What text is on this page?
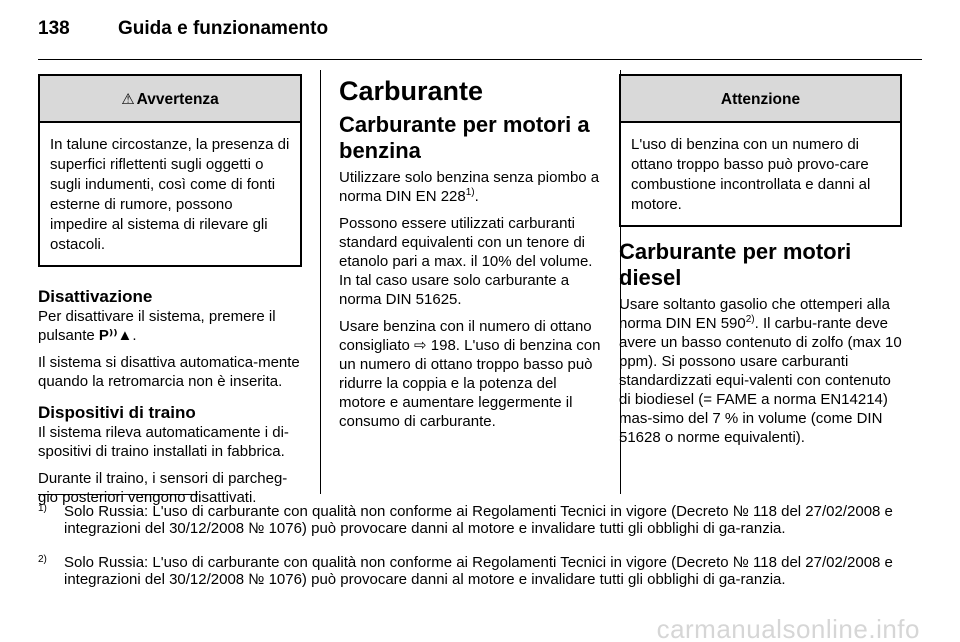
138	Guida e funzionamento
⚠ Avvertenza
In talune circostanze, la presenza di superfici riflettenti sugli oggetti o sugli indumenti, così come di fonti esterne di rumore, possono impedire al sistema di rilevare gli ostacoli.
Disattivazione

Per disattivare il sistema, premere il pulsante P⁾⁾▲.

Il sistema si disattiva automatica-mente quando la retromarcia non è inserita.

Dispositivi di traino

Il sistema rileva automaticamente i di-spositivi di traino installati in fabbrica.

Durante il traino, i sensori di parcheg-gio posteriori vengono disattivati.

Carburante
Carburante per motori a benzina

Utilizzare solo benzina senza piombo a norma DIN EN 228$^{1)}$.

Possono essere utilizzati carburanti standard equivalenti con un tenore di etanolo pari a max. il 10% del volume. In tal caso usare solo carburante a norma DIN 51625.

Usare benzina con il numero di ottano consigliato ⇨ 198. L'uso di benzina con un numero di ottano troppo basso può ridurre la coppia e la potenza del motore e aumentare leggermente il consumo di carburante.

Attenzione
L'uso di benzina con un numero di ottano troppo basso può provo-care combustione incontrollata e danni al motore.
Carburante per motori diesel

Usare soltanto gasolio che ottemperi alla norma DIN EN 590$^{2)}$. Il carbu-rante deve avere un basso contenuto di zolfo (max 10 ppm). Si possono usare carburanti standardizzati equi-valenti con contenuto di biodiesel (= FAME a norma EN14214) mas-simo del 7 % in volume (come DIN 51628 o norme equivalenti).

1)	Solo Russia: L'uso di carburante con qualità non conforme ai Regolamenti Tecnici in vigore (Decreto № 118 del 27/02/2008 e integrazioni del 30/12/2008 № 1076) può provocare danni al motore e invalidare tutti gli obblighi di ga-ranzia.
2)	Solo Russia: L'uso di carburante con qualità non conforme ai Regolamenti Tecnici in vigore (Decreto № 118 del 27/02/2008 e integrazioni del 30/12/2008 № 1076) può provocare danni al motore e invalidare tutti gli obblighi di ga-ranzia.
carmanualsonline.info
